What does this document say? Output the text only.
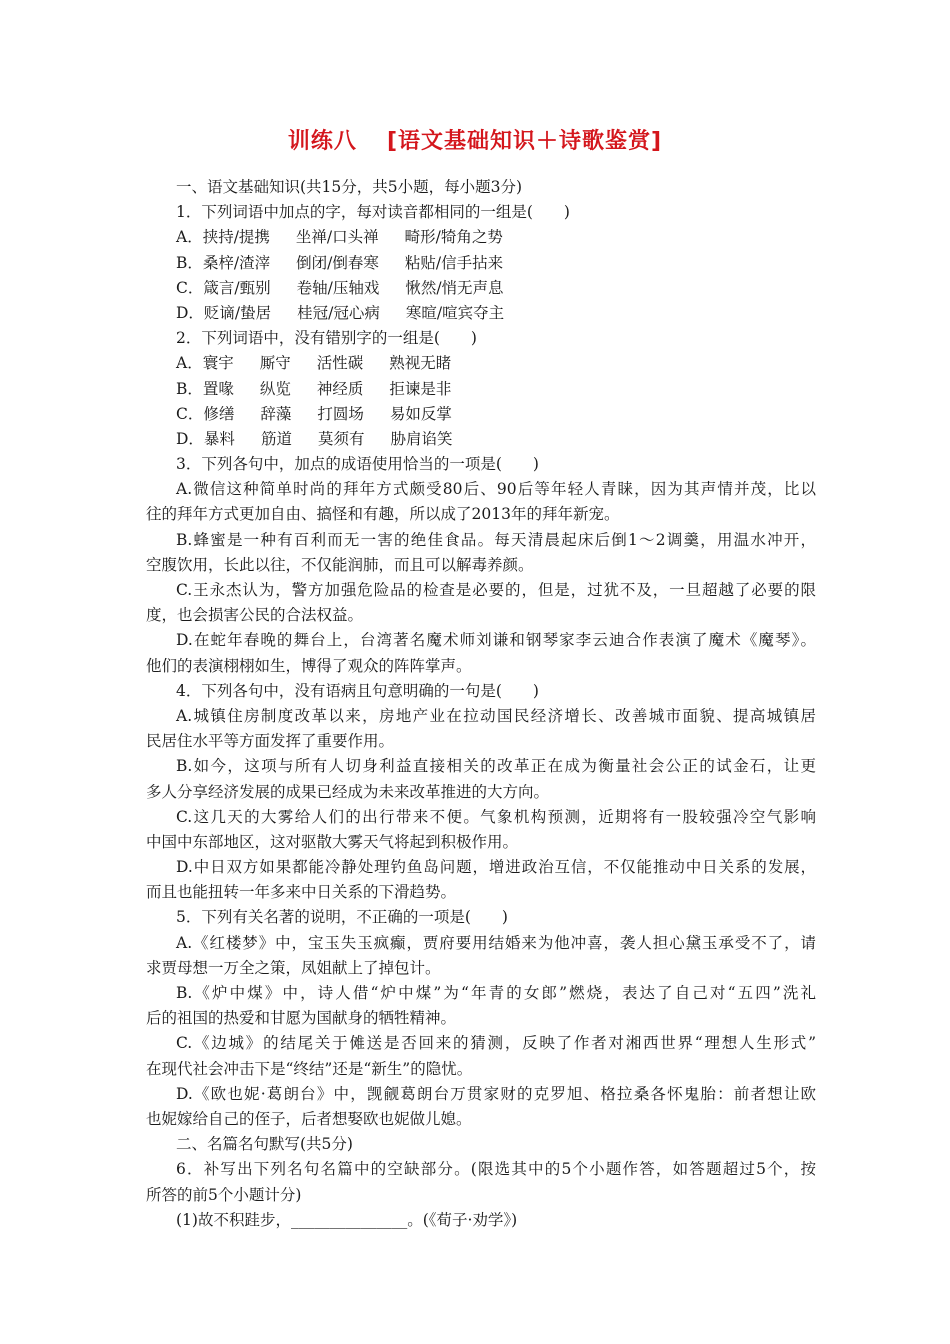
训练八 [语文基础知识＋诗歌鉴赏]
一、语文基础知识(共15分，共5小题，每小题3分)
1．下列词语中加点的字，每对读音都相同的一组是(　　)
A．挟持/提携 坐禅/口头禅 畸形/犄角之势
B．桑梓/渣滓 倒闭/倒春寒 粘贴/信手拈来
C．箴言/甄别 卷轴/压轴戏 愀然/悄无声息
D．贬谪/蛰居 桂冠/冠心病 寒暄/喧宾夺主
2．下列词语中，没有错别字的一组是(　　)
A．寰宇 厮守 活性碳 熟视无睹
B．置喙 纵览 神经质 拒谏是非
C．修缮 辞藻 打圆场 易如反掌
D．暴料 筋道 莫须有 胁肩谄笑
3．下列各句中，加点的成语使用恰当的一项是(　　)
A.微信这种简单时尚的拜年方式颇受80后、90后等年轻人青睐，因为其声情并茂，比以
往的拜年方式更加自由、搞怪和有趣，所以成了2013年的拜年新宠。
B.蜂蜜是一种有百利而无一害的绝佳食品。每天清晨起床后倒1～2调羹，用温水冲开，
空腹饮用，长此以往，不仅能润肺，而且可以解毒养颜。
C.王永杰认为，警方加强危险品的检查是必要的，但是，过犹不及，一旦超越了必要的限
度，也会损害公民的合法权益。
D.在蛇年春晚的舞台上，台湾著名魔术师刘谦和钢琴家李云迪合作表演了魔术《魔琴》。
他们的表演栩栩如生，博得了观众的阵阵掌声。
4．下列各句中，没有语病且句意明确的一句是(　　)
A.城镇住房制度改革以来，房地产业在拉动国民经济增长、改善城市面貌、提高城镇居
民居住水平等方面发挥了重要作用。
B.如今，这项与所有人切身利益直接相关的改革正在成为衡量社会公正的试金石，让更
多人分享经济发展的成果已经成为未来改革推进的大方向。
C.这几天的大雾给人们的出行带来不便。气象机构预测，近期将有一股较强冷空气影响
中国中东部地区，这对驱散大雾天气将起到积极作用。
D.中日双方如果都能冷静处理钓鱼岛问题，增进政治互信，不仅能推动中日关系的发展，
而且也能扭转一年多来中日关系的下滑趋势。
5．下列有关名著的说明，不正确的一项是(　　)
A.《红楼梦》中，宝玉失玉疯癫，贾府要用结婚来为他冲喜，袭人担心黛玉承受不了，请
求贾母想一万全之策，凤姐献上了掉包计。
B.《炉中煤》中，诗人借“炉中煤”为“年青的女郎”燃烧，表达了自己对“五四”洗礼
后的祖国的热爱和甘愿为国献身的牺牲精神。
C.《边城》的结尾关于傩送是否回来的猜测，反映了作者对湘西世界“理想人生形式”
在现代社会冲击下是“终结”还是“新生”的隐忧。
D.《欧也妮·葛朗台》中，觊觎葛朗台万贯家财的克罗旭、格拉桑各怀鬼胎：前者想让欧
也妮嫁给自己的侄子，后者想娶欧也妮做儿媳。
二、名篇名句默写(共5分)
6．补写出下列名句名篇中的空缺部分。(限选其中的5个小题作答，如答题超过5个，按
所答的前5个小题计分)
(1)故不积跬步，_______________。(《荀子·劝学》)
